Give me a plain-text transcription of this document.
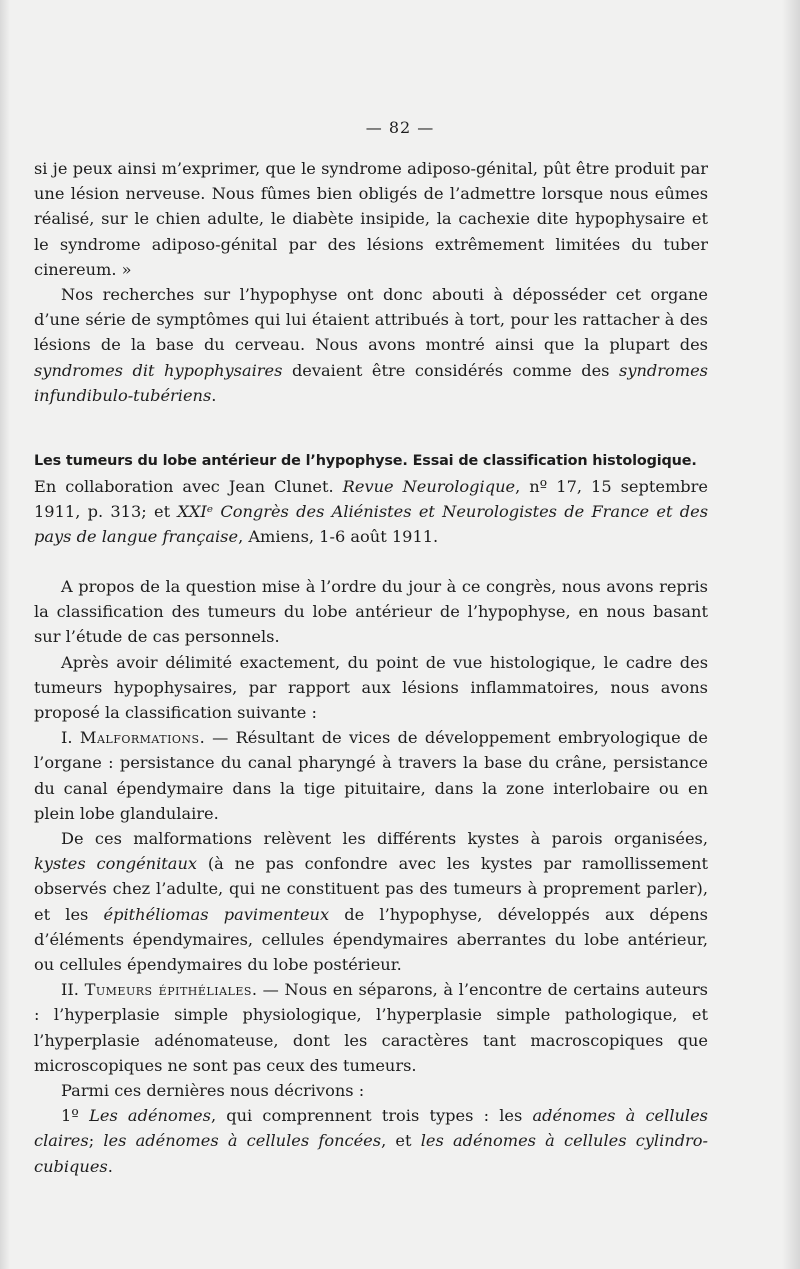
— 82 —

si je peux ainsi m’exprimer, que le syndrome adiposo-génital, pût être produit par une lésion nerveuse. Nous fûmes bien obligés de l’admettre lorsque nous eûmes réalisé, sur le chien adulte, le diabète insipide, la cachexie dite hypophysaire et le syndrome adiposo-génital par des lésions extrêmement limitées du tuber cinereum. »

Nos recherches sur l’hypophyse ont donc abouti à déposséder cet organe d’une série de symptômes qui lui étaient attribués à tort, pour les rattacher à des lésions de la base du cerveau. Nous avons montré ainsi que la plupart des syndromes dit hypophysaires devaient être considérés comme des syndromes infundibulo-tubériens.

Les tumeurs du lobe antérieur de l’hypophyse. Essai de classification histologique.

En collaboration avec Jean Clunet. Revue Neurologique, nº 17, 15 septembre 1911, p. 313; et XXIᵉ Congrès des Aliénistes et Neurologistes de France et des pays de langue française, Amiens, 1-6 août 1911.

A propos de la question mise à l’ordre du jour à ce congrès, nous avons repris la classification des tumeurs du lobe antérieur de l’hypophyse, en nous basant sur l’étude de cas personnels.

Après avoir délimité exactement, du point de vue histologique, le cadre des tumeurs hypophysaires, par rapport aux lésions inflammatoires, nous avons proposé la classification suivante :

I. Malformations. — Résultant de vices de développement embryologique de l’organe : persistance du canal pharyngé à travers la base du crâne, persistance du canal épendymaire dans la tige pituitaire, dans la zone interlobaire ou en plein lobe glandulaire.

De ces malformations relèvent les différents kystes à parois organisées, kystes congénitaux (à ne pas confondre avec les kystes par ramollissement observés chez l’adulte, qui ne constituent pas des tumeurs à proprement parler), et les épithéliomas pavimenteux de l’hypophyse, développés aux dépens d’éléments épendymaires, cellules épendymaires aberrantes du lobe antérieur, ou cellules épendymaires du lobe postérieur.

II. Tumeurs épithéliales. — Nous en séparons, à l’encontre de certains auteurs : l’hyperplasie simple physiologique, l’hyperplasie simple pathologique, et l’hyperplasie adénomateuse, dont les caractères tant macroscopiques que microscopiques ne sont pas ceux des tumeurs.

Parmi ces dernières nous décrivons :

1º Les adénomes, qui comprennent trois types : les adénomes à cellules claires; les adénomes à cellules foncées, et les adénomes à cellules cylindro-cubiques.
